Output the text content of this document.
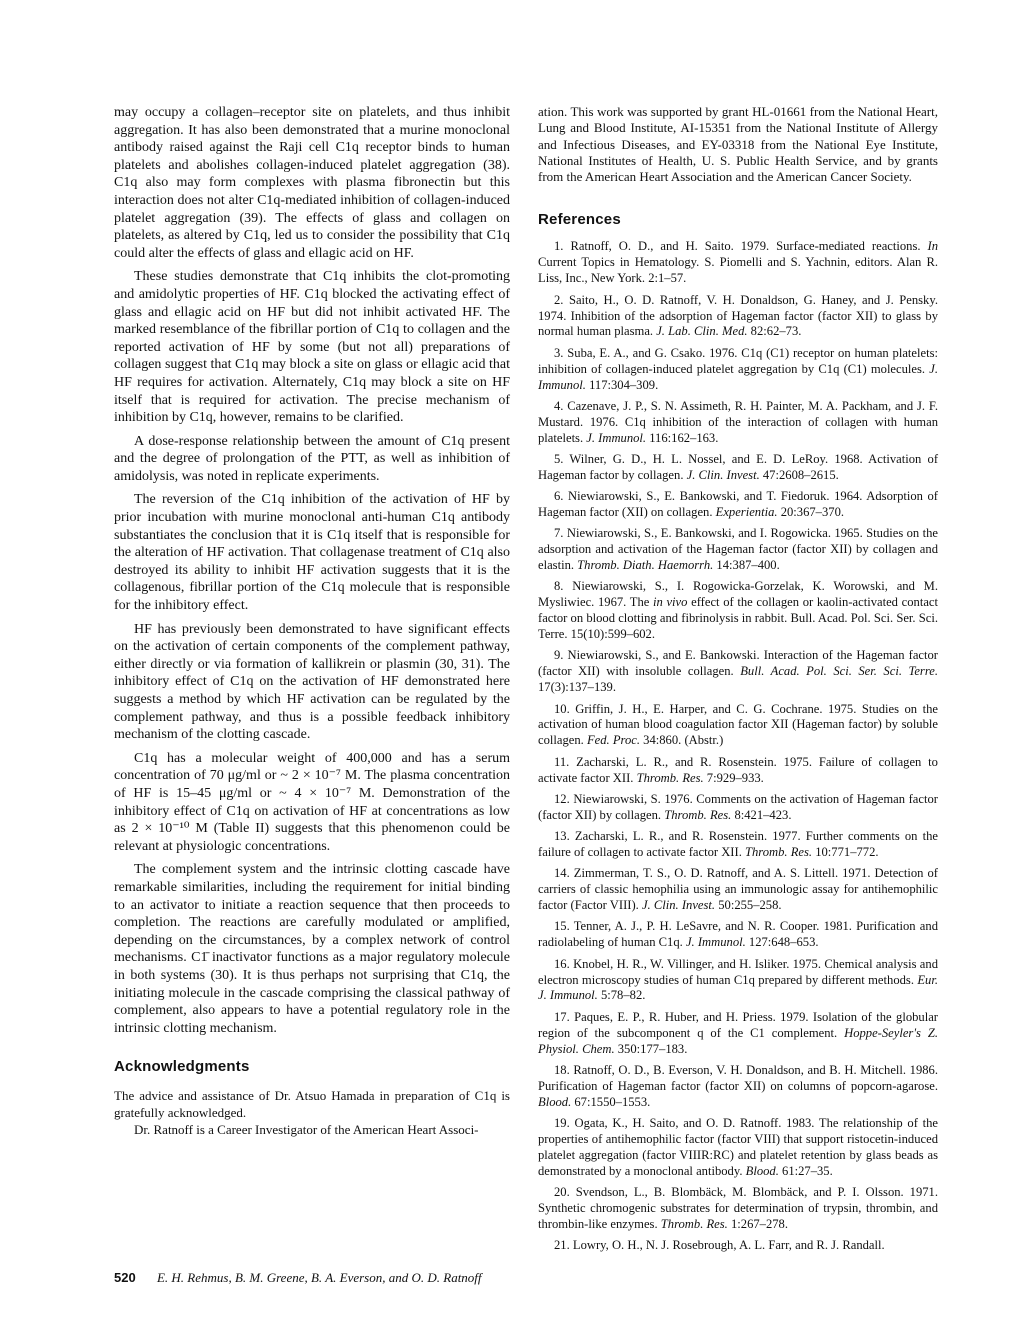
may occupy a collagen–receptor site on platelets, and thus inhibit aggregation. It has also been demonstrated that a murine monoclonal antibody raised against the Raji cell C1q receptor binds to human platelets and abolishes collagen-induced platelet aggregation (38). C1q also may form complexes with plasma fibronectin but this interaction does not alter C1q-mediated inhibition of collagen-induced platelet aggregation (39). The effects of glass and collagen on platelets, as altered by C1q, led us to consider the possibility that C1q could alter the effects of glass and ellagic acid on HF.

These studies demonstrate that C1q inhibits the clot-promoting and amidolytic properties of HF. C1q blocked the activating effect of glass and ellagic acid on HF but did not inhibit activated HF. The marked resemblance of the fibrillar portion of C1q to collagen and the reported activation of HF by some (but not all) preparations of collagen suggest that C1q may block a site on glass or ellagic acid that HF requires for activation. Alternately, C1q may block a site on HF itself that is required for activation. The precise mechanism of inhibition by C1q, however, remains to be clarified.

A dose-response relationship between the amount of C1q present and the degree of prolongation of the PTT, as well as inhibition of amidolysis, was noted in replicate experiments.

The reversion of the C1q inhibition of the activation of HF by prior incubation with murine monoclonal anti-human C1q antibody substantiates the conclusion that it is C1q itself that is responsible for the alteration of HF activation. That collagenase treatment of C1q also destroyed its ability to inhibit HF activation suggests that it is the collagenous, fibrillar portion of the C1q molecule that is responsible for the inhibitory effect.

HF has previously been demonstrated to have significant effects on the activation of certain components of the complement pathway, either directly or via formation of kallikrein or plasmin (30, 31). The inhibitory effect of C1q on the activation of HF demonstrated here suggests a method by which HF activation can be regulated by the complement pathway, and thus is a possible feedback inhibitory mechanism of the clotting cascade.

C1q has a molecular weight of 400,000 and has a serum concentration of 70 μg/ml or ~ 2 × 10⁻⁷ M. The plasma concentration of HF is 15–45 μg/ml or ~ 4 × 10⁻⁷ M. Demonstration of the inhibitory effect of C1q on activation of HF at concentrations as low as 2 × 10⁻¹⁰ M (Table II) suggests that this phenomenon could be relevant at physiologic concentrations.

The complement system and the intrinsic clotting cascade have remarkable similarities, including the requirement for initial binding to an activator to initiate a reaction sequence that then proceeds to completion. The reactions are carefully modulated or amplified, depending on the circumstances, by a complex network of control mechanisms. C1̄ inactivator functions as a major regulatory molecule in both systems (30). It is thus perhaps not surprising that C1q, the initiating molecule in the cascade comprising the classical pathway of complement, also appears to have a potential regulatory role in the intrinsic clotting mechanism.

Acknowledgments

The advice and assistance of Dr. Atsuo Hamada in preparation of C1q is gratefully acknowledged.

Dr. Ratnoff is a Career Investigator of the American Heart Associ-

ation. This work was supported by grant HL-01661 from the National Heart, Lung and Blood Institute, AI-15351 from the National Institute of Allergy and Infectious Diseases, and EY-03318 from the National Eye Institute, National Institutes of Health, U. S. Public Health Service, and by grants from the American Heart Association and the American Cancer Society.

References
1. Ratnoff, O. D., and H. Saito. 1979. Surface-mediated reactions. In Current Topics in Hematology. S. Piomelli and S. Yachnin, editors. Alan R. Liss, Inc., New York. 2:1–57.
2. Saito, H., O. D. Ratnoff, V. H. Donaldson, G. Haney, and J. Pensky. 1974. Inhibition of the adsorption of Hageman factor (factor XII) to glass by normal human plasma. J. Lab. Clin. Med. 82:62–73.
3. Suba, E. A., and G. Csako. 1976. C1q (C1) receptor on human platelets: inhibition of collagen-induced platelet aggregation by C1q (C1) molecules. J. Immunol. 117:304–309.
4. Cazenave, J. P., S. N. Assimeth, R. H. Painter, M. A. Packham, and J. F. Mustard. 1976. C1q inhibition of the interaction of collagen with human platelets. J. Immunol. 116:162–163.
5. Wilner, G. D., H. L. Nossel, and E. D. LeRoy. 1968. Activation of Hageman factor by collagen. J. Clin. Invest. 47:2608–2615.
6. Niewiarowski, S., E. Bankowski, and T. Fiedoruk. 1964. Adsorption of Hageman factor (XII) on collagen. Experientia. 20:367–370.
7. Niewiarowski, S., E. Bankowski, and I. Rogowicka. 1965. Studies on the adsorption and activation of the Hageman factor (factor XII) by collagen and elastin. Thromb. Diath. Haemorrh. 14:387–400.
8. Niewiarowski, S., I. Rogowicka-Gorzelak, K. Worowski, and M. Mysliwiec. 1967. The in vivo effect of the collagen or kaolin-activated contact factor on blood clotting and fibrinolysis in rabbit. Bull. Acad. Pol. Sci. Ser. Sci. Terre. 15(10):599–602.
9. Niewiarowski, S., and E. Bankowski. Interaction of the Hageman factor (factor XII) with insoluble collagen. Bull. Acad. Pol. Sci. Ser. Sci. Terre. 17(3):137–139.
10. Griffin, J. H., E. Harper, and C. G. Cochrane. 1975. Studies on the activation of human blood coagulation factor XII (Hageman factor) by soluble collagen. Fed. Proc. 34:860. (Abstr.)
11. Zacharski, L. R., and R. Rosenstein. 1975. Failure of collagen to activate factor XII. Thromb. Res. 7:929–933.
12. Niewiarowski, S. 1976. Comments on the activation of Hageman factor (factor XII) by collagen. Thromb. Res. 8:421–423.
13. Zacharski, L. R., and R. Rosenstein. 1977. Further comments on the failure of collagen to activate factor XII. Thromb. Res. 10:771–772.
14. Zimmerman, T. S., O. D. Ratnoff, and A. S. Littell. 1971. Detection of carriers of classic hemophilia using an immunologic assay for antihemophilic factor (Factor VIII). J. Clin. Invest. 50:255–258.
15. Tenner, A. J., P. H. LeSavre, and N. R. Cooper. 1981. Purification and radiolabeling of human C1q. J. Immunol. 127:648–653.
16. Knobel, H. R., W. Villinger, and H. Isliker. 1975. Chemical analysis and electron microscopy studies of human C1q prepared by different methods. Eur. J. Immunol. 5:78–82.
17. Paques, E. P., R. Huber, and H. Priess. 1979. Isolation of the globular region of the subcomponent q of the C1 complement. Hoppe-Seyler's Z. Physiol. Chem. 350:177–183.
18. Ratnoff, O. D., B. Everson, V. H. Donaldson, and B. H. Mitchell. 1986. Purification of Hageman factor (factor XII) on columns of popcorn-agarose. Blood. 67:1550–1553.
19. Ogata, K., H. Saito, and O. D. Ratnoff. 1983. The relationship of the properties of antihemophilic factor (factor VIII) that support ristocetin-induced platelet aggregation (factor VIIIR:RC) and platelet retention by glass beads as demonstrated by a monoclonal antibody. Blood. 61:27–35.
20. Svendson, L., B. Blombäck, M. Blombäck, and P. I. Olsson. 1971. Synthetic chromogenic substrates for determination of trypsin, thrombin, and thrombin-like enzymes. Thromb. Res. 1:267–278.
21. Lowry, O. H., N. J. Rosebrough, A. L. Farr, and R. J. Randall.
520 E. H. Rehmus, B. M. Greene, B. A. Everson, and O. D. Ratnoff
